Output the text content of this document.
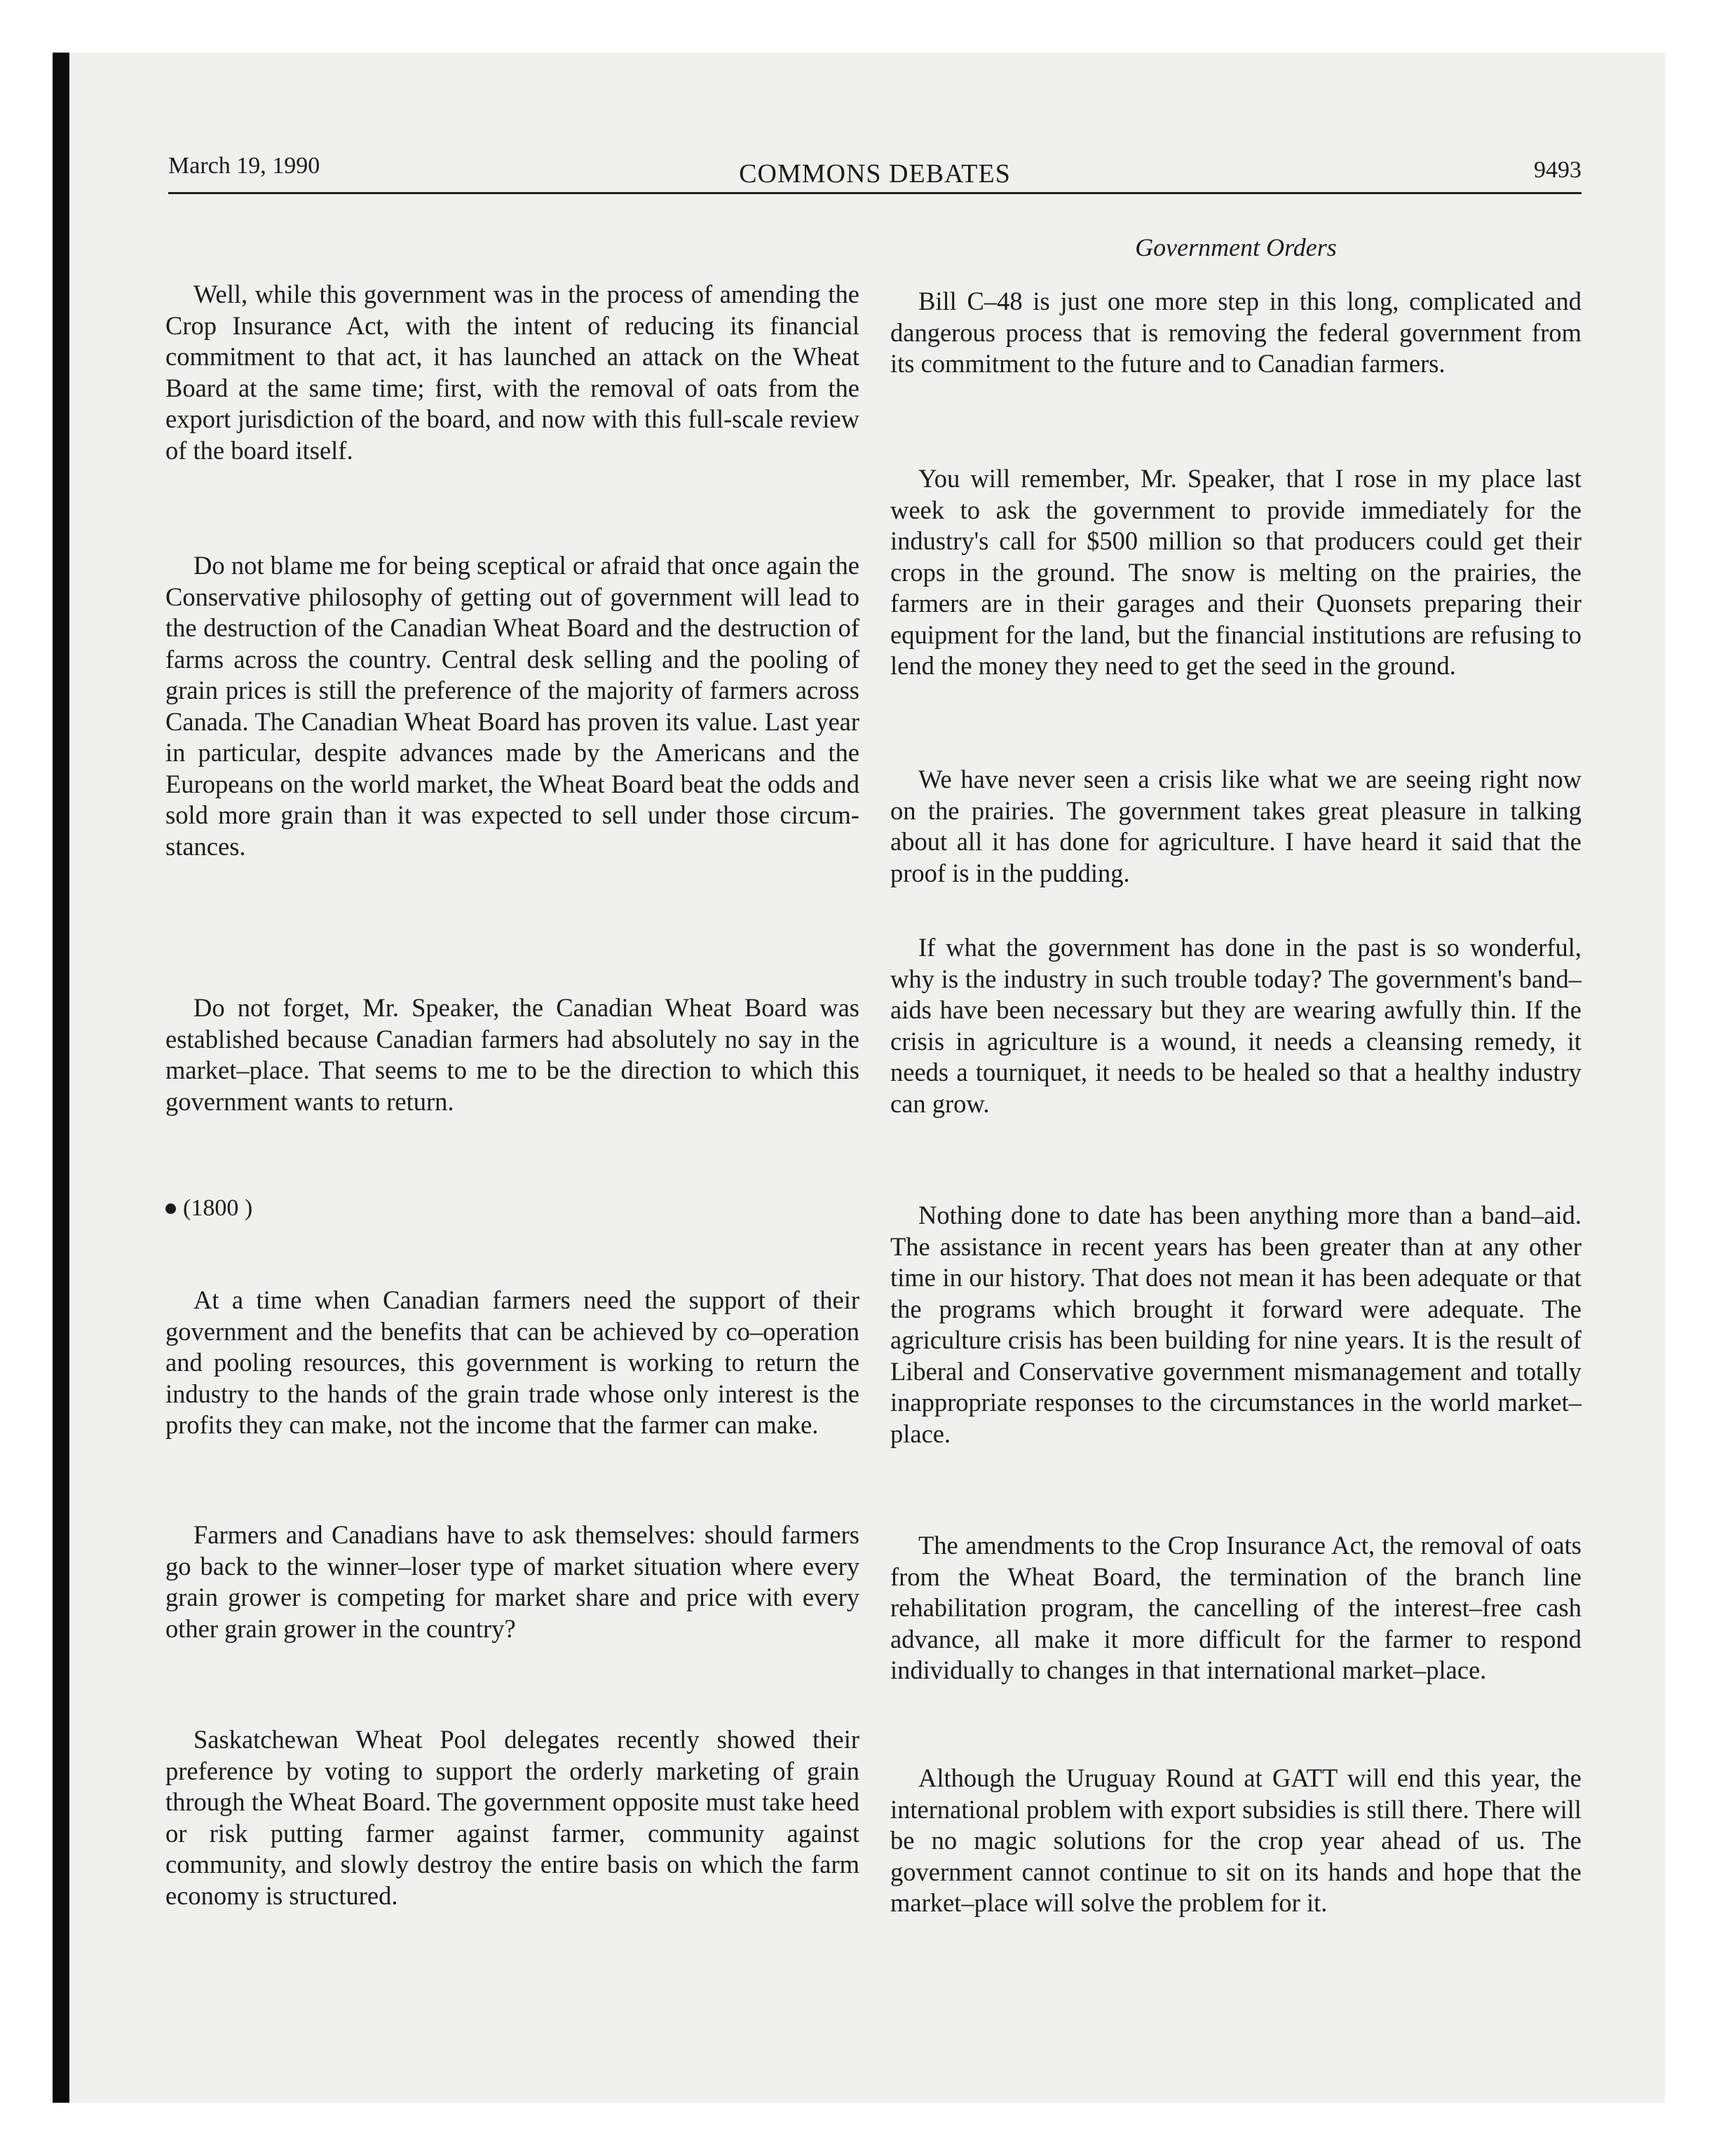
March 19, 1990	COMMONS DEBATES	9493
Government Orders

Well, while this government was in the process of amending the Crop Insurance Act, with the intent of reducing its financial commitment to that act, it has launched an attack on the Wheat Board at the same time; first, with the removal of oats from the export jurisdiction of the board, and now with this full-scale review of the board itself.

Do not blame me for being sceptical or afraid that once again the Conservative philosophy of getting out of government will lead to the destruction of the Canadian Wheat Board and the destruction of farms across the country. Central desk selling and the pooling of grain prices is still the preference of the majority of farmers across Canada. The Canadian Wheat Board has proven its value. Last year in particular, despite advances made by the Americans and the Europeans on the world market, the Wheat Board beat the odds and sold more grain than it was expected to sell under those circumstances.

Do not forget, Mr. Speaker, the Canadian Wheat Board was established because Canadian farmers had absolutely no say in the market–place. That seems to me to be the direction to which this government wants to return.

(1800 )

At a time when Canadian farmers need the support of their government and the benefits that can be achieved by co–operation and pooling resources, this government is working to return the industry to the hands of the grain trade whose only interest is the profits they can make, not the income that the farmer can make.

Farmers and Canadians have to ask themselves: should farmers go back to the winner–loser type of market situation where every grain grower is competing for market share and price with every other grain grower in the country?

Saskatchewan Wheat Pool delegates recently showed their preference by voting to support the orderly marketing of grain through the Wheat Board. The government opposite must take heed or risk putting farmer against farmer, community against community, and slowly destroy the entire basis on which the farm economy is structured.

Bill C–48 is just one more step in this long, complicated and dangerous process that is removing the federal government from its commitment to the future and to Canadian farmers.

You will remember, Mr. Speaker, that I rose in my place last week to ask the government to provide immediately for the industry's call for $500 million so that producers could get their crops in the ground. The snow is melting on the prairies, the farmers are in their garages and their Quonsets preparing their equipment for the land, but the financial institutions are refusing to lend the money they need to get the seed in the ground.

We have never seen a crisis like what we are seeing right now on the prairies. The government takes great pleasure in talking about all it has done for agriculture. I have heard it said that the proof is in the pudding.

If what the government has done in the past is so wonderful, why is the industry in such trouble today? The government's band–aids have been necessary but they are wearing awfully thin. If the crisis in agriculture is a wound, it needs a cleansing remedy, it needs a tourniquet, it needs to be healed so that a healthy industry can grow.

Nothing done to date has been anything more than a band–aid. The assistance in recent years has been greater than at any other time in our history. That does not mean it has been adequate or that the programs which brought it forward were adequate. The agriculture crisis has been building for nine years. It is the result of Liberal and Conservative government mismanagement and totally inappropriate responses to the circumstances in the world market–place.

The amendments to the Crop Insurance Act, the removal of oats from the Wheat Board, the termination of the branch line rehabilitation program, the cancelling of the interest–free cash advance, all make it more difficult for the farmer to respond individually to changes in that international market–place.

Although the Uruguay Round at GATT will end this year, the international problem with export subsidies is still there. There will be no magic solutions for the crop year ahead of us. The government cannot continue to sit on its hands and hope that the market–place will solve the problem for it.
